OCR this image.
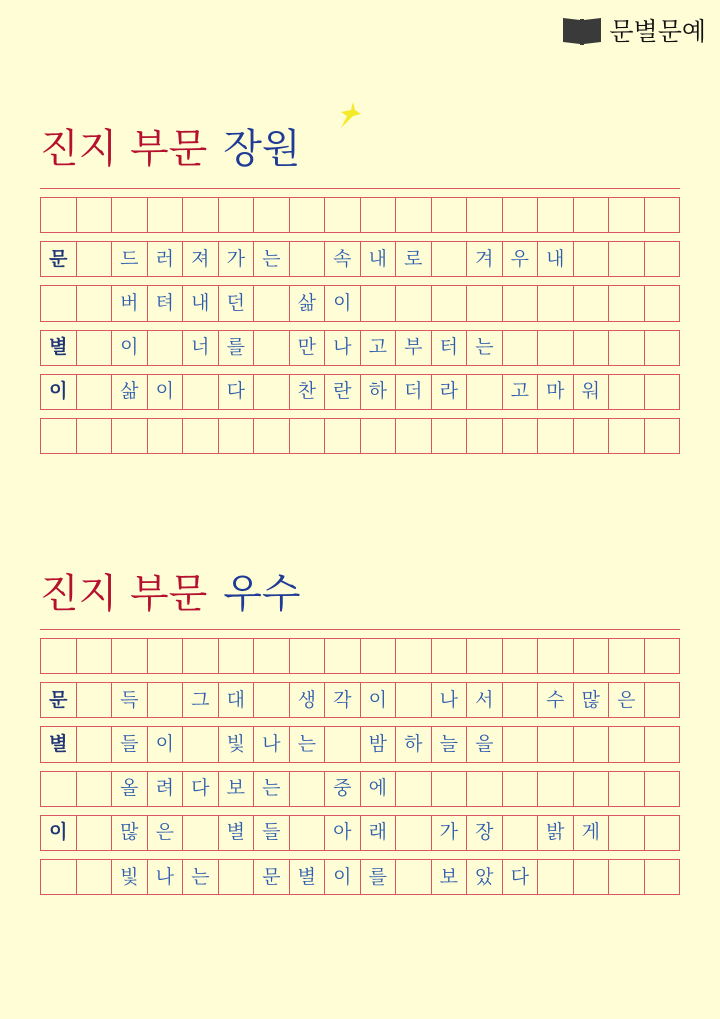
문별문예
진지 부문 장원
문	드 러 져 가 는	속 내 로	겨 우 내
버 텨 내 던	삶 이
별	이	너 를	만 나 고 부 터 는
이	삶 이	다	찬 란 하 더 라	고 마 워
진지 부문 우수
문	득	그 대	생 각 이	나 서	수 많 은
별	들 이	빛 나 는	밤 하 늘 을
올 려 다 보 는	중 에
이	많 은	별 들	아 래	가 장	밝 게
빛 나 는	문 별 이 를	보 았 다
